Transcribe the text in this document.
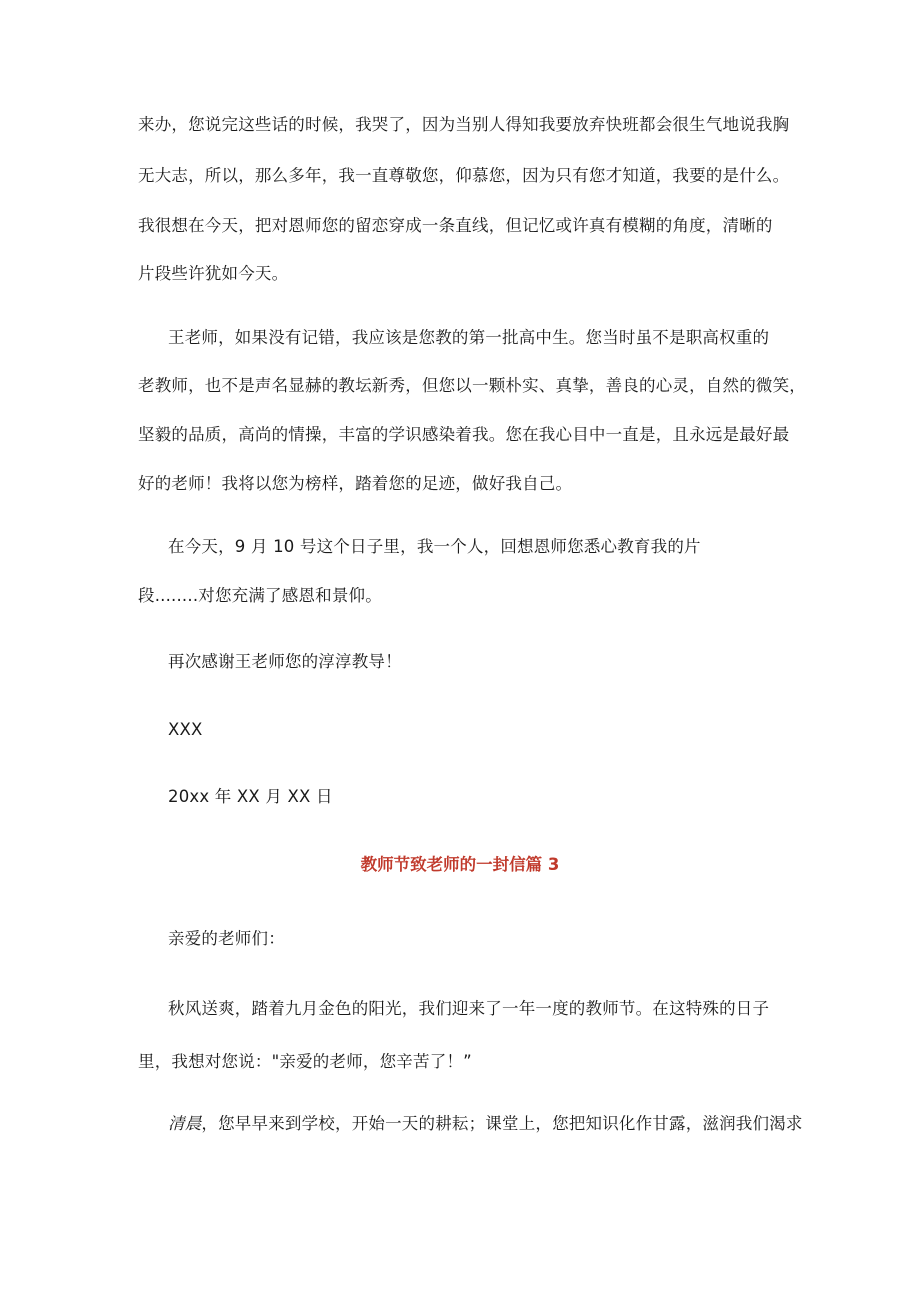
来办，您说完这些话的时候，我哭了，因为当别人得知我要放弃快班都会很生气地说我胸

无大志，所以，那么多年，我一直尊敬您，仰慕您，因为只有您才知道，我要的是什么。

我很想在今天，把对恩师您的留恋穿成一条直线，但记忆或许真有模糊的角度，清晰的

片段些许犹如今天。

王老师，如果没有记错，我应该是您教的第一批高中生。您当时虽不是职高权重的

老教师，也不是声名显赫的教坛新秀，但您以一颗朴实、真挚，善良的心灵，自然的微笑，

坚毅的品质，高尚的情操，丰富的学识感染着我。您在我心目中一直是，且永远是最好最

好的老师！我将以您为榜样，踏着您的足迹，做好我自己。

在今天，9 月 10 号这个日子里，我一个人，回想恩师您悉心教育我的片

段........对您充满了感恩和景仰。

再次感谢王老师您的淳淳教导！

XXX

20xx 年 XX 月 XX 日

教师节致老师的一封信篇 3

亲爱的老师们：

秋风送爽，踏着九月金色的阳光，我们迎来了一年一度的教师节。在这特殊的日子

里，我想对您说："亲爱的老师，您辛苦了！”

清晨，您早早来到学校，开始一天的耕耘；课堂上，您把知识化作甘露，滋润我们渴求
